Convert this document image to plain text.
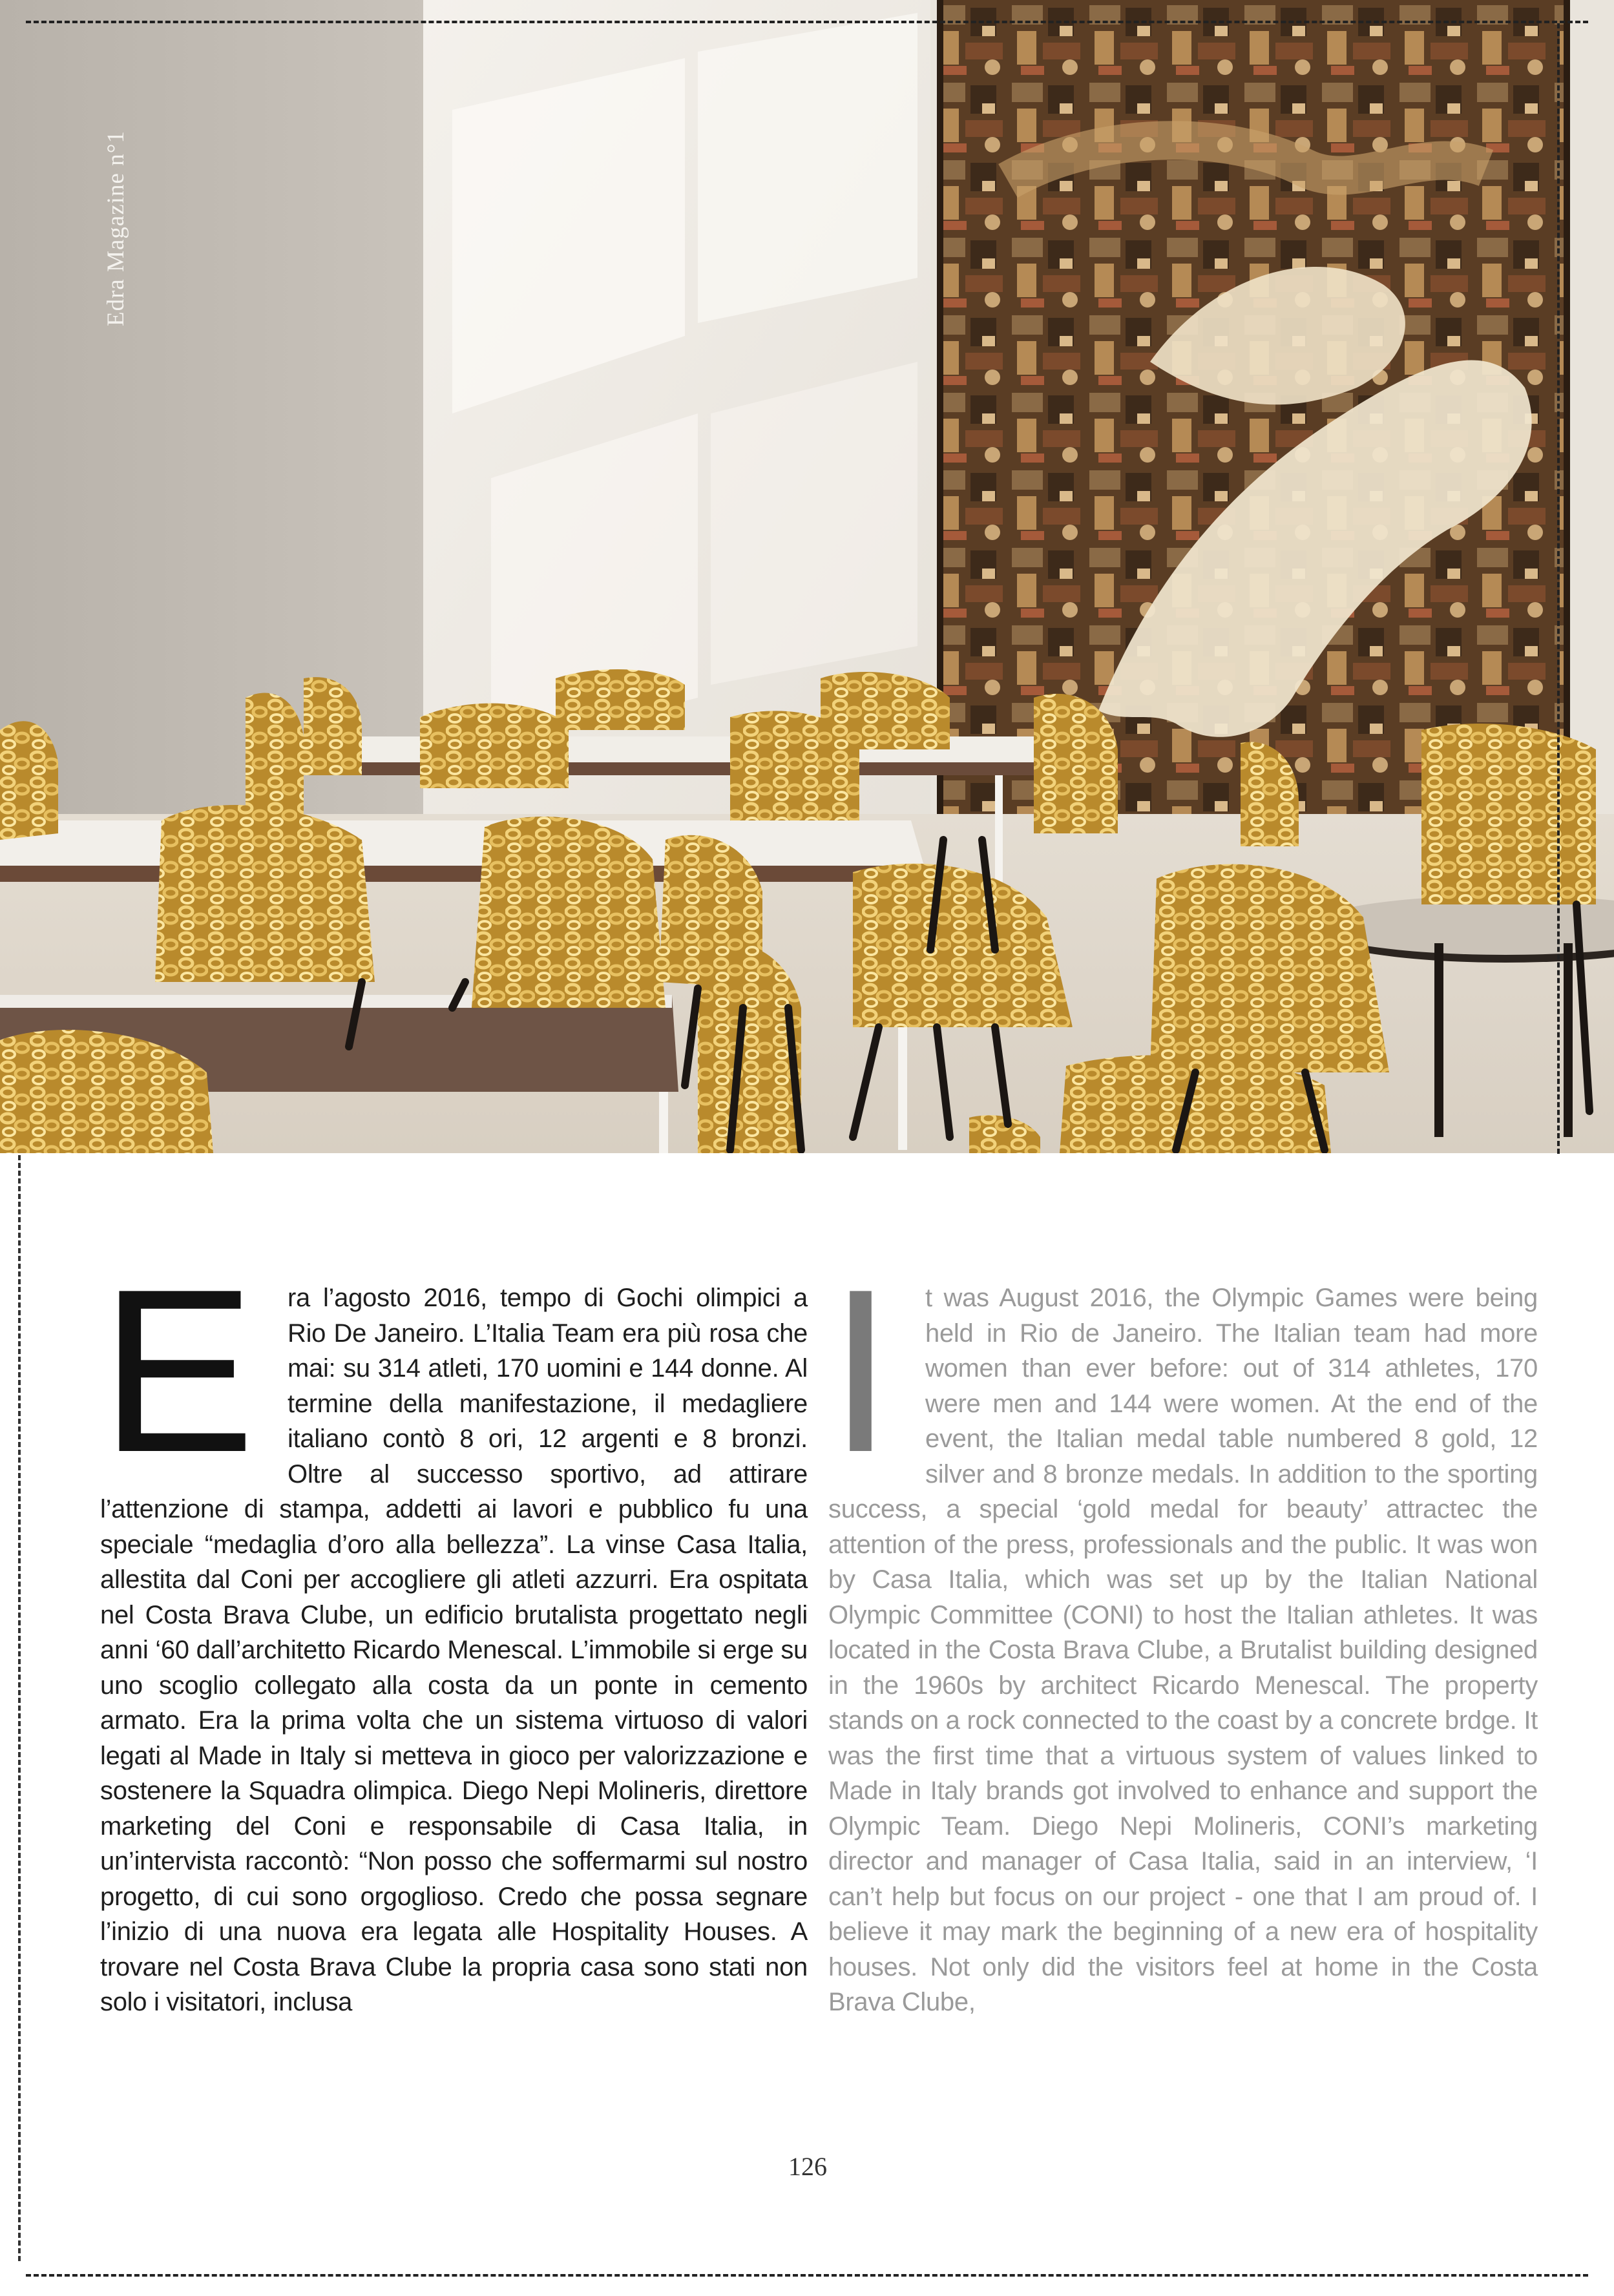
Edra Magazine n°1
E	ra l’agosto 2016, tempo di Gochi olimpici a Rio De Janeiro. L’Italia Team era più rosa che mai: su 314 atleti, 170 uomini e 144 donne. Al termine della manifestazione, il medagliere italiano contò 8 ori, 12 argenti e 8 bronzi. Oltre al successo sportivo, ad attirare l’attenzione di stampa, addetti ai lavori e pubblico fu una speciale “medaglia d’oro alla bellezza”. La vinse Casa Italia, allestita dal Coni per accogliere gli atleti azzurri. Era ospitata nel Costa Brava Clube, un edificio brutalista progettato negli anni ‘60 dall’architetto Ricardo Menescal. L’immobile si erge su uno scoglio collegato alla costa da un ponte in cemento armato. Era la prima volta che un sistema virtuoso di valori legati al Made in Italy si metteva in gioco per valorizzazione e sostenere la Squadra olimpica. Diego Nepi Molineris, direttore marketing del Coni e responsabile di Casa Italia, in un’intervista raccontò: “Non posso che soffermarmi sul nostro progetto, di cui sono orgoglioso. Credo che possa segnare l’inizio di una nuova era legata alle Hospitality Houses. A trovare nel Costa Brava Clube la propria casa sono stati non solo i visitatori, inclusa
I	t was August 2016, the Olympic Games were being held in Rio de Janeiro. The Italian team had more women than ever before: out of 314 athletes, 170 were men and 144 were women. At the end of the event, the Italian medal table numbered 8 gold, 12 silver and 8 bronze medals. In addition to the sporting success, a special ‘gold medal for beauty’ attractec the attention of the press, professionals and the public. It was won by Casa Italia, which was set up by the Italian National Olympic Committee (CONI) to host the Italian athletes. It was located in the Costa Brava Clube, a Brutalist building designed in the 1960s by architect Ricardo Menescal. The property stands on a rock connected to the coast by a concrete brdge. It was the first time that a virtuous system of values linked to Made in Italy brands got involved to enhance and support the Olympic Team. Diego Nepi Molineris, CONI’s marketing director and manager of Casa Italia, said in an interview, ‘I can’t help but focus on our project - one that I am proud of. I believe it may mark the beginning of a new era of hospitality houses. Not only did the visitors feel at home in the Costa Brava Clube,
126
